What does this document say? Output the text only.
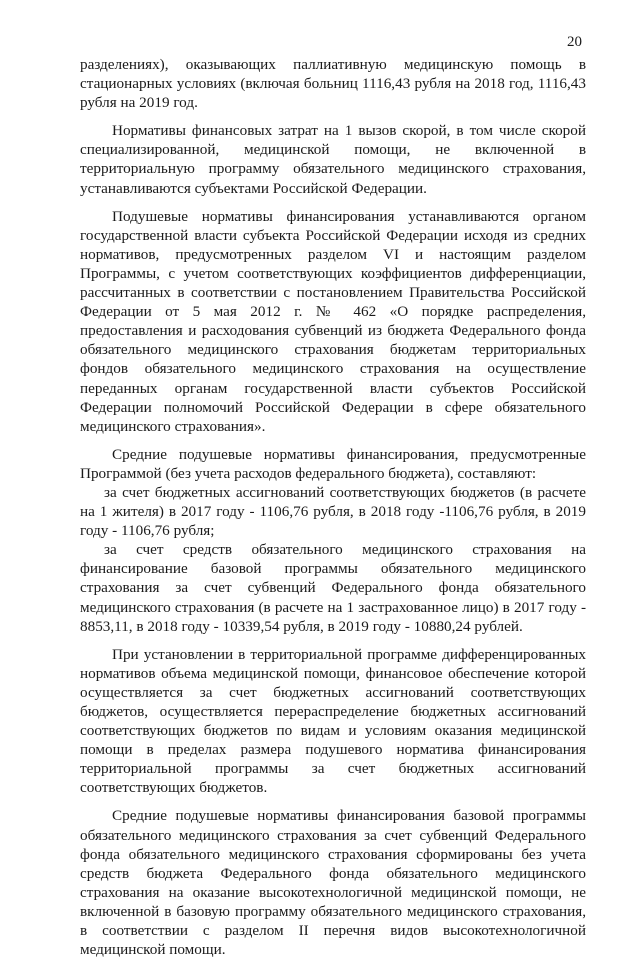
20

разделениях), оказывающих паллиативную медицинскую помощь в стационарных условиях (включая больниц 1116,43 рубля на 2018 год, 1116,43 рубля на 2019 год.

Нормативы финансовых затрат на 1 вызов скорой, в том числе скорой специализированной, медицинской помощи, не включенной в территориальную программу обязательного медицинского страхования, устанавливаются субъектами Российской Федерации.

Подушевые нормативы финансирования устанавливаются органом государственной власти субъекта Российской Федерации исходя из средних нормативов, предусмотренных разделом VI и настоящим разделом Программы, с учетом соответствующих коэффициентов дифференциации, рассчитанных в соответствии с постановлением Правительства Российской Федерации от 5 мая 2012 г. № 462 «О порядке распределения, предоставления и расходования субвенций из бюджета Федерального фонда обязательного медицинского страхования бюджетам территориальных фондов обязательного медицинского страхования на осуществление переданных органам государственной власти субъектов Российской Федерации полномочий Российской Федерации в сфере обязательного медицинского страхования».

Средние подушевые нормативы финансирования, предусмотренные Программой (без учета расходов федерального бюджета), составляют:

за счет бюджетных ассигнований соответствующих бюджетов (в расчете на 1 жителя) в 2017 году - 1106,76 рубля, в 2018 году -1106,76 рубля, в 2019 году - 1106,76 рубля;

за счет средств обязательного медицинского страхования на финансирование базовой программы обязательного медицинского страхования за счет субвенций Федерального фонда обязательного медицинского страхования (в расчете на 1 застрахованное лицо) в 2017 году - 8853,11, в 2018 году - 10339,54 рубля, в 2019 году - 10880,24 рублей.

При установлении в территориальной программе дифференцированных нормативов объема медицинской помощи, финансовое обеспечение которой осуществляется за счет бюджетных ассигнований соответствующих бюджетов, осуществляется перераспределение бюджетных ассигнований соответствующих бюджетов по видам и условиям оказания медицинской помощи в пределах размера подушевого норматива финансирования территориальной программы за счет бюджетных ассигнований соответствующих бюджетов.

Средние подушевые нормативы финансирования базовой программы обязательного медицинского страхования за счет субвенций Федерального фонда обязательного медицинского страхования сформированы без учета средств бюджета Федерального фонда обязательного медицинского страхования на оказание высокотехнологичной медицинской помощи, не включенной в базовую программу обязательного медицинского страхования, в соответствии с разделом II перечня видов высокотехнологичной медицинской помощи.
